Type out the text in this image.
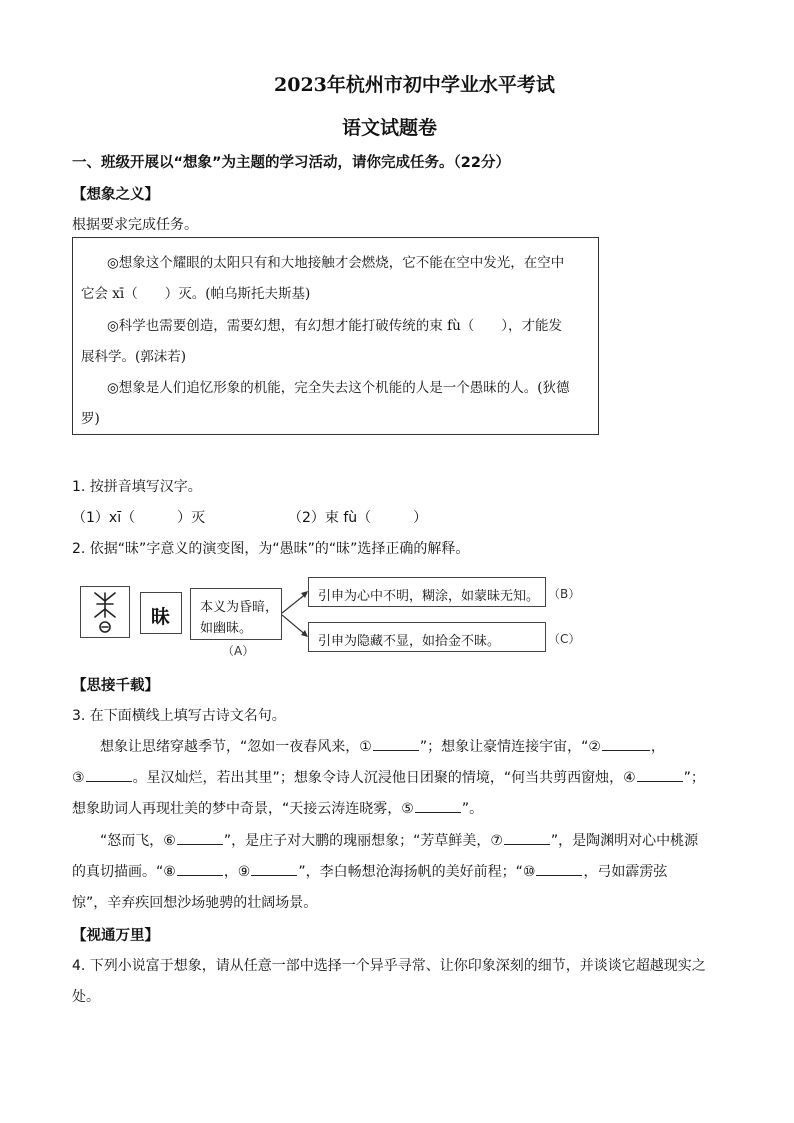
2023年杭州市初中学业水平考试
语文试题卷
一、班级开展以“想象”为主题的学习活动，请你完成任务。（22分）
【想象之义】
根据要求完成任务。
◎想象这个耀眼的太阳只有和大地接触才会燃烧，它不能在空中发光，在空中
它会 xī（　　）灭。(帕乌斯托夫斯基)
◎科学也需要创造，需要幻想，有幻想才能打破传统的束 fù（　　），才能发
展科学。(郭沫若)
◎想象是人们追忆形象的机能，完全失去这个机能的人是一个愚昧的人。(狄德
罗)
1. 按拼音填写汉字。
（1）xī（　　　）灭	（2）束 fù（　　　）
2. 依据“昧”字意义的演变图，为“愚昧”的“昧”选择正确的解释。
昧 本义为昏暗，
如幽昧。
（A）
引申为心中不明，糊涂，如蒙昧无知。 （B）
引申为隐藏不显，如拾金不昧。	（C）
【思接千载】
3. 在下面横线上填写古诗文名句。
想象让思绪穿越季节，“忽如一夜春风来，①	”；想象让豪情连接宇宙，“②	，
③	。星汉灿烂，若出其里”；想象令诗人沉浸他日团聚的情境，“何当共剪西窗烛，④	”；
想象助词人再现壮美的梦中奇景，“天接云涛连晓雾，⑤	”。
“怒而飞，⑥	”，是庄子对大鹏的瑰丽想象；“芳草鲜美，⑦	”，是陶渊明对心中桃源
的真切描画。“⑧	，⑨	”，李白畅想沧海扬帆的美好前程；“⑩	，弓如霹雳弦
惊”，辛弃疾回想沙场驰骋的壮阔场景。
【视通万里】
4. 下列小说富于想象，请从任意一部中选择一个异乎寻常、让你印象深刻的细节，并谈谈它超越现实之
处。
